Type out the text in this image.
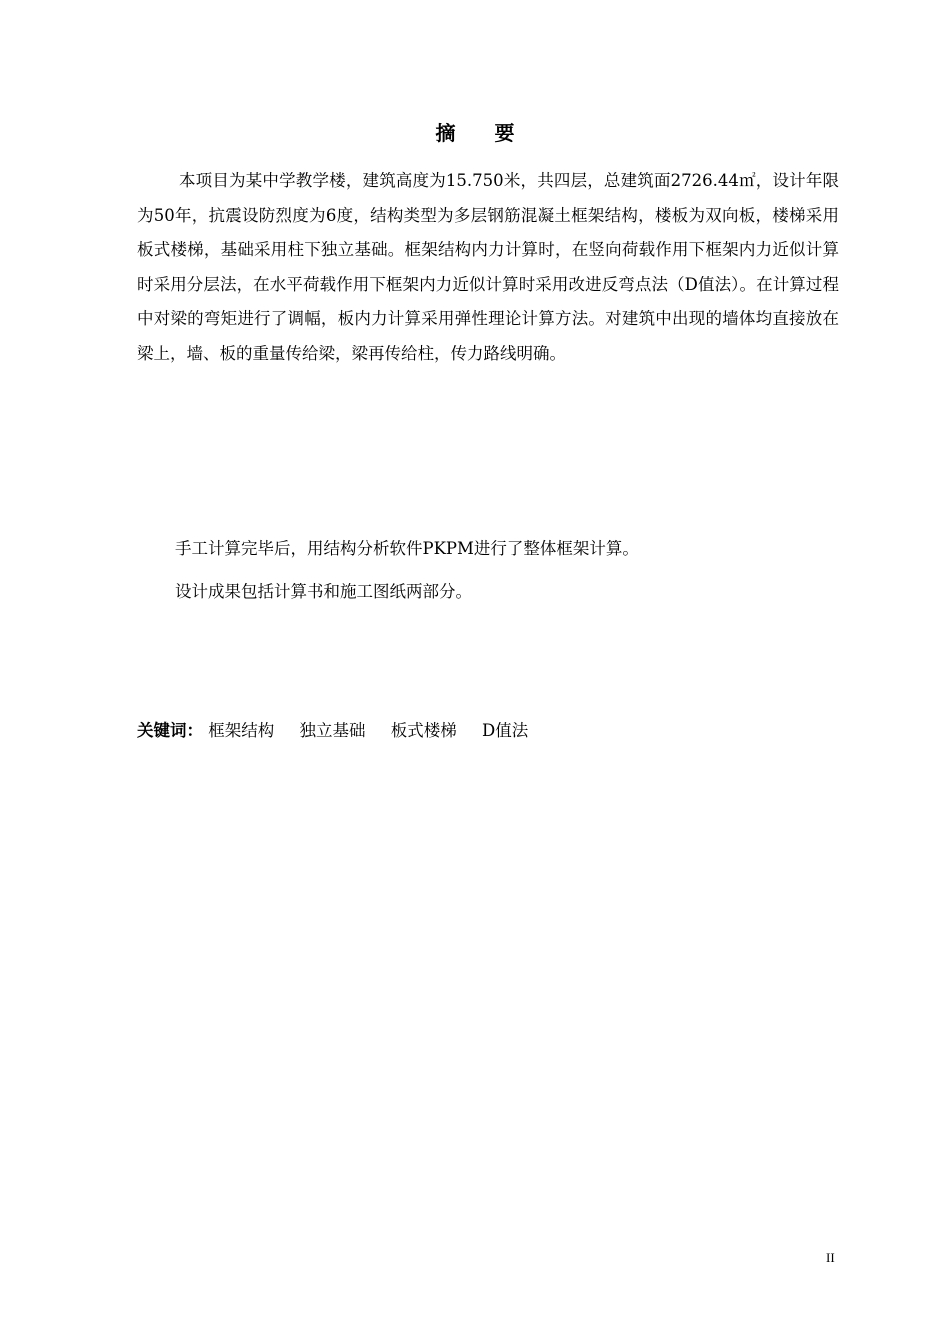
摘 要

本项目为某中学教学楼，建筑高度为15.750米，共四层，总建筑面2726.44㎡，设计年限为50年，抗震设防烈度为6度，结构类型为多层钢筋混凝土框架结构，楼板为双向板，楼梯采用板式楼梯，基础采用柱下独立基础。框架结构内力计算时，在竖向荷载作用下框架内力近似计算时采用分层法，在水平荷载作用下框架内力近似计算时采用改进反弯点法（D值法）。在计算过程中对梁的弯矩进行了调幅，板内力计算采用弹性理论计算方法。对建筑中出现的墙体均直接放在梁上，墙、板的重量传给梁，梁再传给柱，传力路线明确。

手工计算完毕后，用结构分析软件PKPM进行了整体框架计算。

设计成果包括计算书和施工图纸两部分。

关键词： 框架结构 独立基础 板式楼梯 D值法
II
